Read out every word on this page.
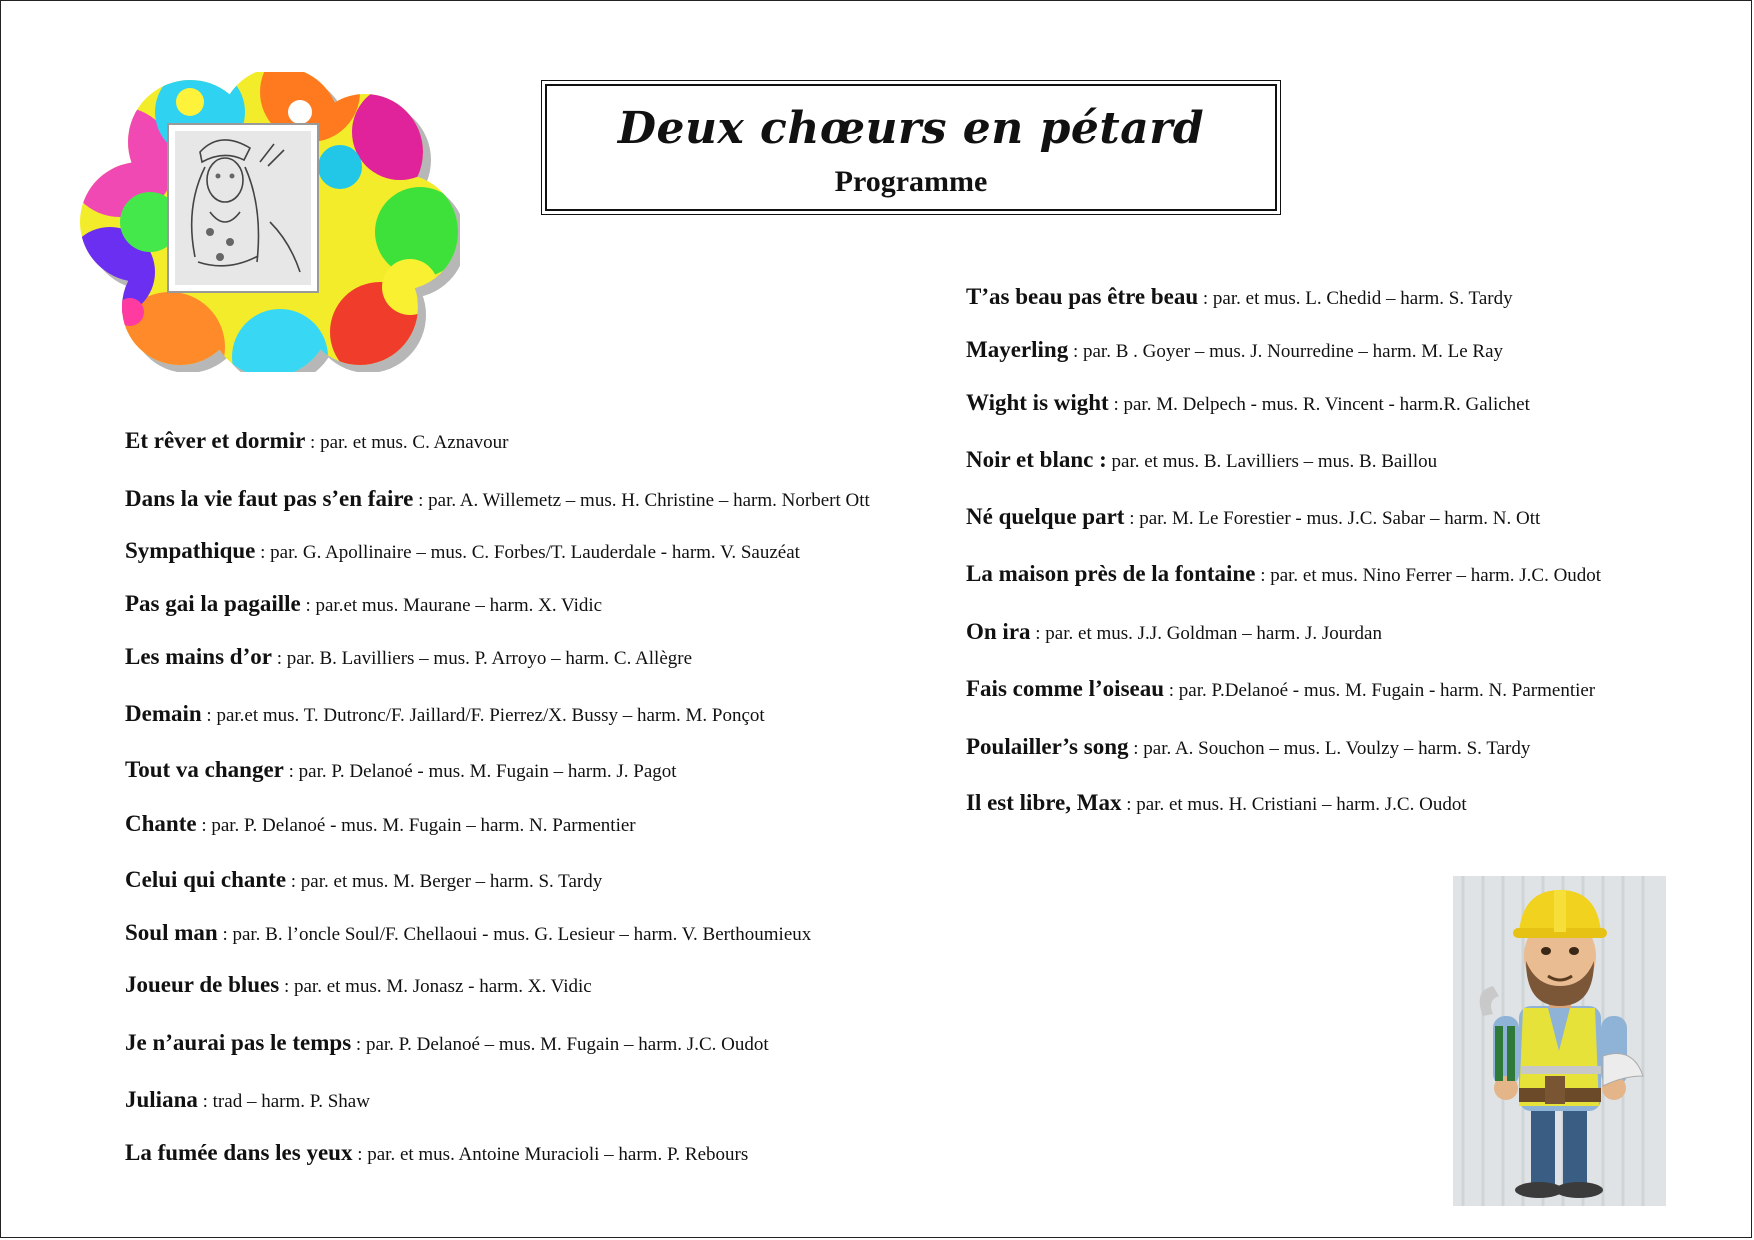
Deux chœurs en pétard
Programme
Et rêver et dormir : par. et mus. C. Aznavour
Dans la vie faut pas s’en faire : par. A. Willemetz – mus. H. Christine – harm. Norbert Ott
Sympathique : par. G. Apollinaire – mus. C. Forbes/T. Lauderdale - harm. V. Sauzéat
Pas gai la pagaille : par.et mus. Maurane – harm. X. Vidic
Les mains d’or : par. B. Lavilliers – mus. P. Arroyo – harm. C. Allègre
Demain : par.et mus. T. Dutronc/F. Jaillard/F. Pierrez/X. Bussy – harm. M. Ponçot
Tout va changer : par. P. Delanoé - mus. M. Fugain – harm. J. Pagot
Chante : par. P. Delanoé - mus. M. Fugain – harm. N. Parmentier
Celui qui chante : par. et mus. M. Berger – harm. S. Tardy
Soul man : par. B. l’oncle Soul/F. Chellaoui - mus. G. Lesieur – harm. V. Berthoumieux
Joueur de blues : par. et mus. M. Jonasz - harm. X. Vidic
Je n’aurai pas le temps : par. P. Delanoé – mus. M. Fugain – harm. J.C. Oudot
Juliana : trad – harm. P. Shaw
La fumée dans les yeux : par. et mus. Antoine Muracioli – harm. P. Rebours
T’as beau pas être beau : par. et mus. L. Chedid – harm. S. Tardy
Mayerling : par. B . Goyer – mus. J. Nourredine – harm. M. Le Ray
Wight is wight : par. M. Delpech - mus. R. Vincent - harm.R. Galichet
Noir et blanc : par. et mus. B. Lavilliers – mus. B. Baillou
Né quelque part : par. M. Le Forestier - mus. J.C. Sabar – harm. N. Ott
La maison près de la fontaine : par. et mus. Nino Ferrer – harm. J.C. Oudot
On ira : par. et mus. J.J. Goldman – harm. J. Jourdan
Fais comme l’oiseau : par. P.Delanoé - mus. M. Fugain - harm. N. Parmentier
Poulailler’s song : par. A. Souchon – mus. L. Voulzy – harm. S. Tardy
Il est libre, Max : par. et mus. H. Cristiani – harm. J.C. Oudot
